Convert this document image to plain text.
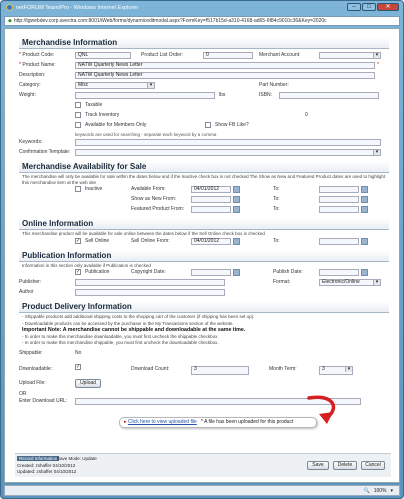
netFORUM Team/Pro - Windows Internet Explorer	–	□	✕
◆ http://tgwebdev.corp.avectra.com:8001/iWeb/forms/dynamiceditmodal.aspx?FormKey=f517b15d-a310-4168-ad65-6f84c9010c36&Key=2020c
Merchandise Information
* Product Code:	QNL	Product List Order:	0	Merchant Account:
▾
* Product Name:	NATW Quarterly News Letter	*
Description:	NATW Quarterly News Letter
Category:	Misc ▾	Part Number:
Weight:	lbs	ISBN:
Taxable
Track Inventory	0
Available for Members Only	Show FB Like?
keywords are used for searching - separate each keyword by a comma
Keywords:
Confirmation Template:
▾
Merchandise Availability for Sale
The merchandise will only be available for sale within the dates below and if the Inactive check box is not checked The Show as New and Featured Product dates are used to highlight this merchandise item at the web site
Inactive	Available From:	04/01/2012	To:
Show as New From:	To:
Featured Product From:	To:
Online Information
This merchandise product will be available for sale online between the dates below if the Sell Online check box is checked
✓ Sell Online	Sell Online From:	04/01/2012	To:
Publication Information
Information in this section only available if Publication is checked
✓ Publication	Copyright Date:	Publish Date:
Publisher:	Format:	Electronic/Online ▾
Author
Product Delivery Information
- Shippable products add additional shipping costs to the shopping cart of the customer (if shipping has been set up).
- Downloadable products can be accessed by the purchaser in the My Transactions section of the website.
Important Note: A merchandise cannot be shippable and downloadable at the same time.
- In order to make this merchandise downloadable, you must first uncheck the shippable checkbox.
- In order to make this merchandise shippable, you must first uncheck the downloadable checkbox.
Shippable:	No
Downloadable:	✓	Download Count:	3	Month Term:	3 ▾
Upload File:	Upload
OR
Enter Download URL:
▸ Click here to view uploaded file * A file has been uploaded for this product
Record Information Save Mode: Update
Created: zshaffer 04/10/2012
Updated: zshaffer 04/10/2012
Save	Delete	Cancel
🔍 100% ▾
